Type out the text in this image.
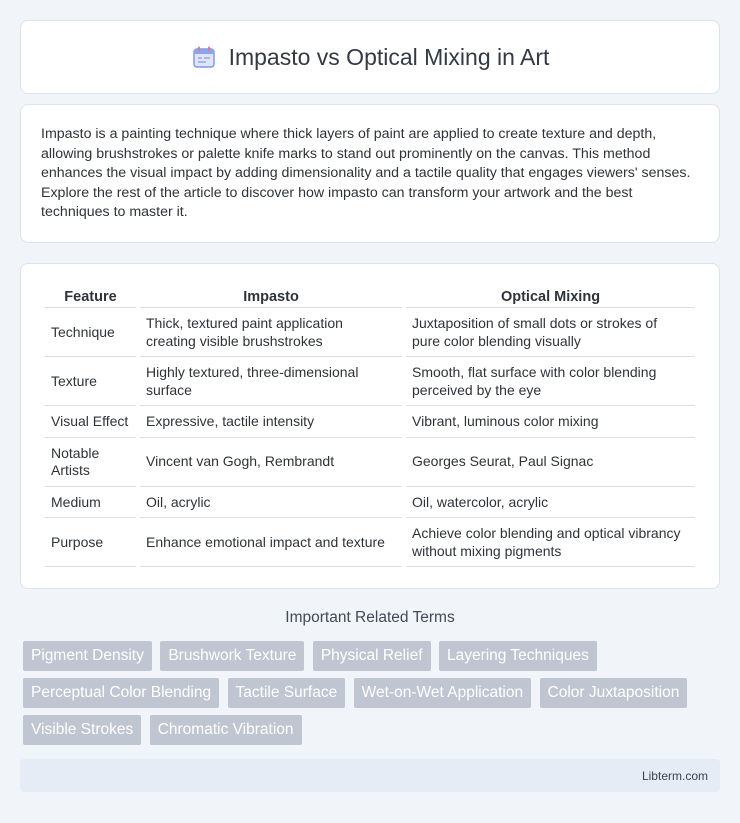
Impasto vs Optical Mixing in Art

Impasto is a painting technique where thick layers of paint are applied to create texture and depth, allowing brushstrokes or palette knife marks to stand out prominently on the canvas. This method enhances the visual impact by adding dimensionality and a tactile quality that engages viewers' senses. Explore the rest of the article to discover how impasto can transform your artwork and the best techniques to master it.

Feature	Impasto	Optical Mixing
Technique	Thick, textured paint application creating visible brushstrokes	Juxtaposition of small dots or strokes of pure color blending visually
Texture	Highly textured, three-dimensional surface	Smooth, flat surface with color blending perceived by the eye
Visual Effect	Expressive, tactile intensity	Vibrant, luminous color mixing
Notable Artists	Vincent van Gogh, Rembrandt	Georges Seurat, Paul Signac
Medium	Oil, acrylic	Oil, watercolor, acrylic
Purpose	Enhance emotional impact and texture	Achieve color blending and optical vibrancy without mixing pigments
Important Related Terms
Pigment Density Brushwork Texture Physical Relief Layering Techniques Perceptual Color Blending Tactile Surface Wet-on-Wet Application Color Juxtaposition Visible Strokes Chromatic Vibration
Libterm.com
